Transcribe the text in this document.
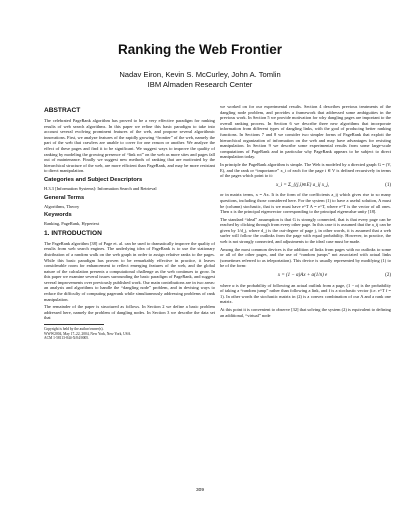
Ranking the Web Frontier
Nadav Eiron, Kevin S. McCurley, John A. Tomlin
IBM Almaden Research Center
ABSTRACT

The celebrated PageRank algorithm has proved to be a very effective paradigm for ranking results of web search algorithms. In this paper we refine this basic paradigm to take into account several evolving prominent features of the web, and propose several algorithmic innovations. First, we analyze features of the rapidly growing “frontier” of the web, namely the part of the web that crawlers are unable to cover for one reason or another. We analyze the effect of these pages and find it to be significant. We suggest ways to improve the quality of ranking by modeling the growing presence of “link rot” on the web as more sites and pages fall out of maintenance. Finally we suggest new methods of ranking that are motivated by the hierarchical structure of the web, are more efficient than PageRank, and may be more resistant to direct manipulation.

Categories and Subject Descriptors

H.3.3 [Information Systems]: Information Search and Retrieval

General Terms

Algorithms, Theory

Keywords

Ranking, PageRank, Hypertext

1. INTRODUCTION

The PageRank algorithm [38] of Page et. al. can be used to dramatically improve the quality of results from web search engines. The underlying idea of PageRank is to use the stationary distribution of a random walk on the web graph in order to assign relative ranks to the pages. While this basic paradigm has proven to be remarkably effective in practice, it leaves considerable room for enhancement to reflect emerging features of the web, and the global nature of the calculation presents a computational challenge as the web continues to grow. In this paper we examine several issues surrounding the basic paradigm of PageRank, and suggest several improvements over previously published work. Our main contributions are in two areas: an analysis and algorithms to handle the “dangling node” problem, and in devising ways to reduce the difficulty of computing pagerank while simultaneously addressing problems of rank manipulation.

The remainder of the paper is structured as follows. In Section 2 we define a basic problem addressed here, namely the problem of dangling nodes. In Section 3 we describe the data set that

Copyright is held by the author/owner(s).
WWW2004, May 17–22, 2004, New York, New York, USA.
ACM 1-58113-844-X/04/0005.

we worked on for our experimental results. Section 4 describes previous treatments of the dangling node problem, and provides a framework that addressed some ambiguities in the previous work. In Section 5 we provide motivation for why dangling pages are important to the overall ranking process. In Section 6 we describe three new algorithms that incorporate information from different types of dangling links, with the goal of producing better ranking functions. In Sections 7 and 8 we consider two simpler forms of PageRank that exploit the hierarchical organization of information on the web and may have advantages for resisting manipulation. In Section 9 we describe some experimental results from some large-scale computations of PageRank and in particular why PageRank appears to be subject to direct manipulation today.

In principle the PageRank algorithm is simple. The Web is modeled by a directed graph G = (V, E), and the rank or “importance” x_i of each for the page i ∈ V is defined recursively in terms of the pages which point to it:

x_i = Σ_{(j,i)∈E} a_ij x_j,	(1)

or in matrix terms, x = Ax. It is the form of the coefficients a_ij which gives rise to so many questions, including those considered here. For the system (1) to have a useful solution, A must be (column) stochastic, that is we must have e^T A = e^T, where e^T is the vector of all ones. Then x is the principal eigenvector corresponding to the principal eigenvalue unity [18].

The standard “ideal” assumption is that G is strongly connected, that is that every page can be reached by clicking through from every other page. In this case it is assumed that the a_ij can be given by 1/d_j, where d_j is the out-degree of page j, in other words, it is assumed that a web surfer will follow the outlinks from the page with equal probability. However, in practice, the web is not strongly connected, and adjustments to the ideal case must be made.

Among the most common devices is the addition of links from pages with no outlinks to some or all of the other pages, and the use of “random jumps” not associated with actual links (sometimes referred to as teleportation). This device is usually represented by modifying (1) to be of the form:

x = (1 − α)Ax + α(1/n) e	(2)

where α is the probability of following an actual outlink from a page, (1 − α) is the probability of taking a “random jump” rather than following a link, and f is a stochastic vector (i.e. e^T f = 1). In other words the stochastic matrix in (2) is a convex combination of our A and a rank one matrix.

At this point it is convenient to observe [32] that solving the system (2) is equivalent to defining an additional, “virtual” node

309
